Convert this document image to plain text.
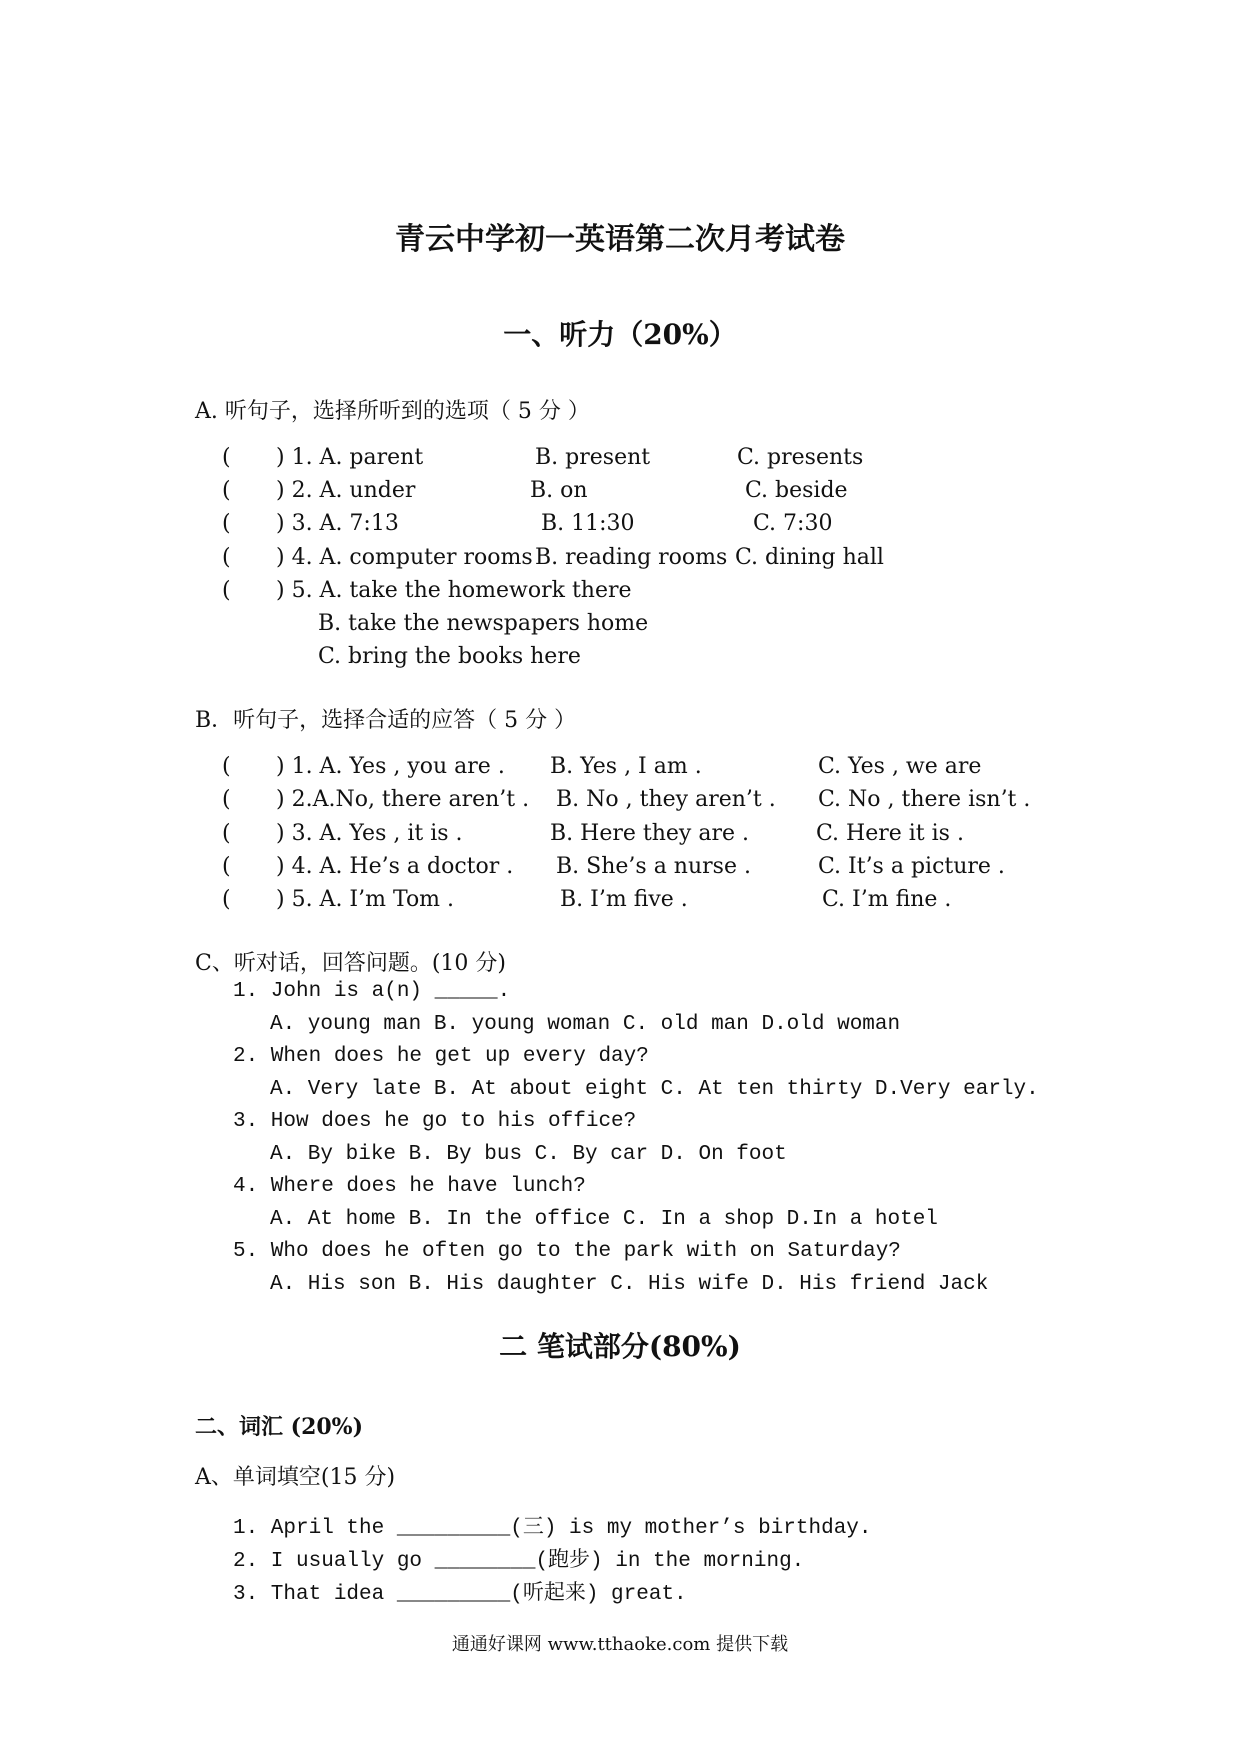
青云中学初一英语第二次月考试卷
一、听力（20%）
A. 听句子，选择所听到的选项（ 5 分 ）
( ) 1. A. parent	B. present	C. presents
( ) 2. A. under	B. on	C. beside
( ) 3. A. 7:13	B. 11:30	C. 7:30
( ) 4. A. computer rooms B. reading rooms C. dining hall
( ) 5. A. take the homework there
B. take the newspapers home
C. bring the books here
B．听句子，选择合适的应答（ 5 分 ）
( ) 1. A. Yes , you are . B. Yes , I am .	C. Yes , we are
( ) 2.A.No, there aren’t . B. No , they aren’t . C. No , there isn’t .
( ) 3. A. Yes , it is .	B. Here they are .	C. Here it is .
( ) 4. A. He’s a doctor . B. She’s a nurse .	C. It’s a picture .
( ) 5. A. I’m Tom .	B. I’m five .	C. I’m fine .
C、听对话，回答问题。(10 分)
1. John is a(n) _____.
A. young man B. young woman C. old man D.old woman
2. When does he get up every day?
A. Very late B. At about eight C. At ten thirty D.Very early.
3. How does he go to his office?
A. By bike B. By bus C. By car D. On foot
4. Where does he have lunch?
A. At home B. In the office C. In a shop D.In a hotel
5. Who does he often go to the park with on Saturday?
A. His son B. His daughter C. His wife D. His friend Jack
二 笔试部分(80%)
二、词汇 (20%)
A、单词填空(15 分)
1. April the _________(三) is my mother’s birthday.
2. I usually go ________(跑步) in the morning.
3. That idea _________(听起来) great.
通通好课网 www.tthaoke.com 提供下载
